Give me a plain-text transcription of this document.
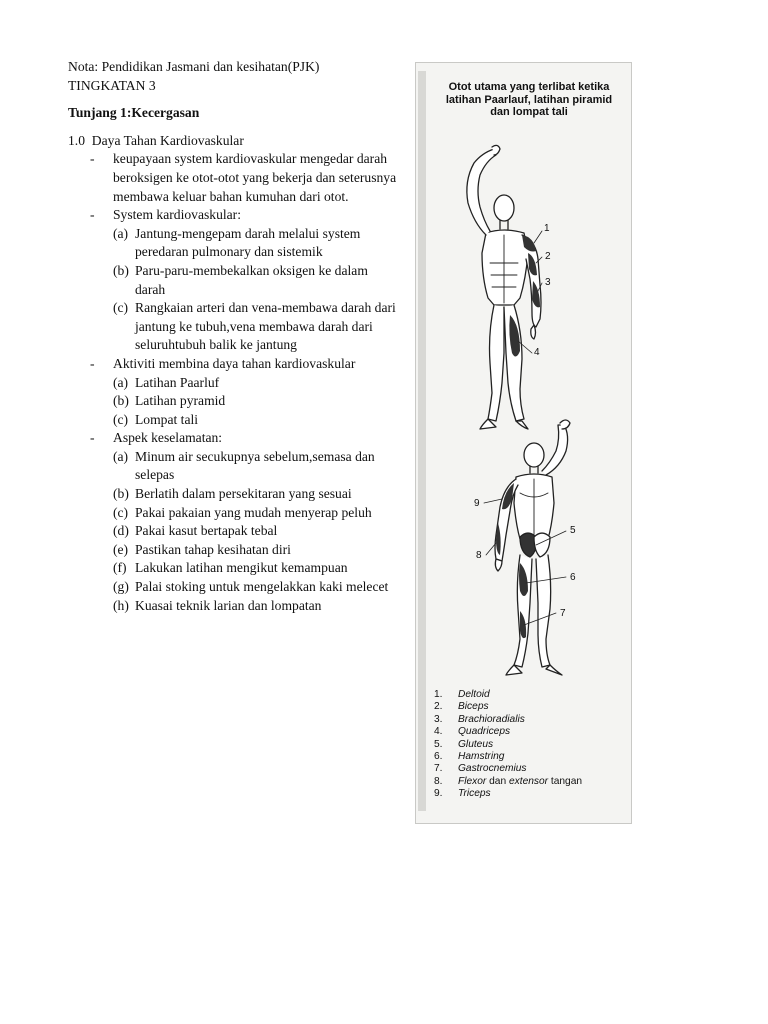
Nota: Pendidikan Jasmani dan kesihatan(PJK)
TINGKATAN 3
Tunjang 1:Kecergasan
1.0 Daya Tahan Kardiovaskular
- keupayaan system kardiovaskular mengedar darah
beroksigen ke otot-otot yang bekerja dan seterusnya
membawa keluar bahan kumuhan dari otot.
- System kardiovaskular:
(a) Jantung-mengepam darah melalui system
peredaran pulmonary dan sistemik
(b) Paru-paru-membekalkan oksigen ke dalam
darah
(c) Rangkaian arteri dan vena-membawa darah dari
jantung ke tubuh,vena membawa darah dari
seluruhtubuh balik ke jantung
- Aktiviti membina daya tahan kardiovaskular
(a) Latihan Paarluf
(b) Latihan pyramid
(c) Lompat tali
- Aspek keselamatan:
(a) Minum air secukupnya sebelum,semasa dan
selepas
(b) Berlatih dalam persekitaran yang sesuai
(c) Pakai pakaian yang mudah menyerap peluh
(d) Pakai kasut bertapak tebal
(e) Pastikan tahap kesihatan diri
(f) Lakukan latihan mengikut kemampuan
(g) Palai stoking untuk mengelakkan kaki melecet
(h) Kuasai teknik larian dan lompatan
Otot utama yang terlibat ketika
latihan Paarlauf, latihan piramid
dan lompat tali
1
2
3
4
5
6
7
8
9
1. Deltoid
2. Biceps
3. Brachioradialis
4. Quadriceps
5. Gluteus
6. Hamstring
7. Gastrocnemius
8. Flexor dan extensor tangan
9. Triceps
